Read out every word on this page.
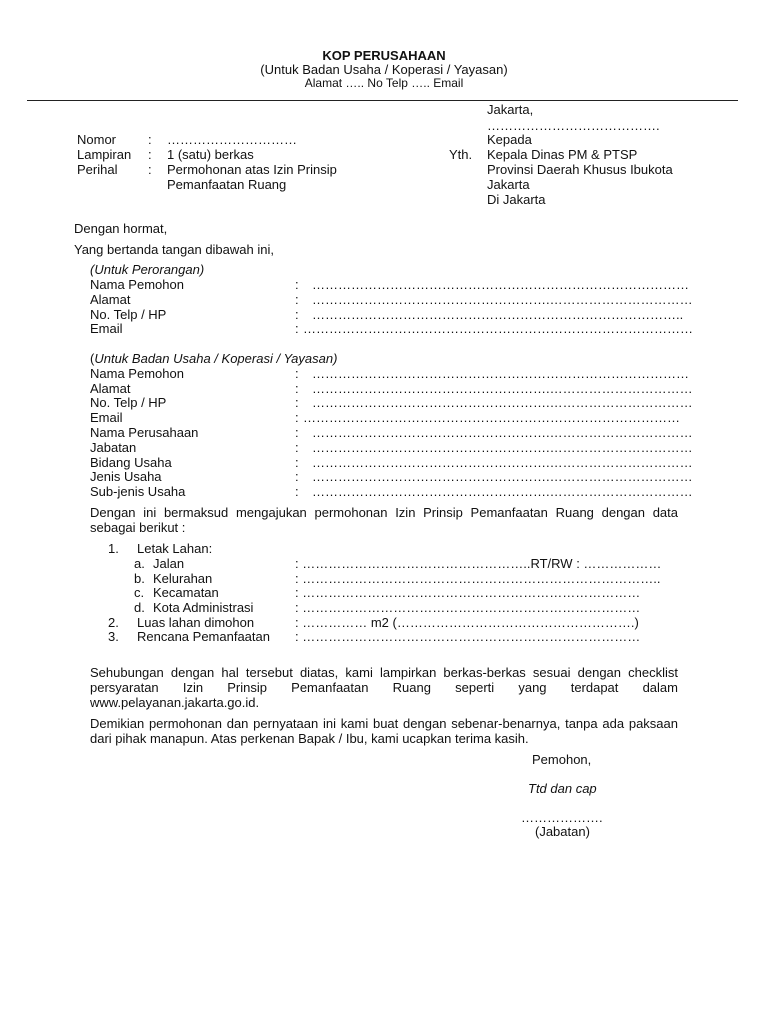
KOP PERUSAHAAN
(Untuk Badan Usaha / Koperasi / Yayasan)
Alamat ….. No Telp ….. Email
Jakarta,
………………………………….
Kepada
Yth. Kepala Dinas PM & PTSP
Provinsi Daerah Khusus Ibukota
Jakarta
Di Jakarta
Nomor : …………………………
Lampiran : 1 (satu) berkas
Perihal : Permohonan atas Izin Prinsip
Pemanfaatan Ruang
Dengan hormat,
Yang bertanda tangan dibawah ini,
(Untuk Perorangan)
Nama Pemohon	: ……………………………………………………………………………
Alamat	: ……………………………………………….……………………………
No. Telp / HP	: …………………………………………………………………………..
Email	: ………………………………………………………………………………
(Untuk Badan Usaha / Koperasi / Yayasan)
Nama Pemohon	: ……………………………………………………………………………
Alamat	: ……………………………………………….……………………………
No. Telp / HP	: ……………………………………………….……………………………
Email	: ……………………………………………………………………………
Nama Perusahaan	: ……………………………………………….……………………………
Jabatan	: ……………………………………………….……………………………
Bidang Usaha	: ……………………………………………….……………………………
Jenis Usaha	: ……………………………………………….……………………………
Sub-jenis Usaha	: ……………………………………………….……………………………
Dengan ini bermaksud mengajukan permohonan Izin Prinsip Pemanfaatan Ruang dengan data sebagai berikut :
1. Letak Lahan:
a. Jalan	: ……………………………………………..RT/RW : ………………
b. Kelurahan	: ………………………………………………………………………..
c. Kecamatan	: ……………………………………………………………………
d. Kota Administrasi	: ……………………………………………………………………
2. Luas lahan dimohon	: …………… m2 (……………………………………………….)
3. Rencana Pemanfaatan : ……………………………………………………………………
Sehubungan dengan hal tersebut diatas, kami lampirkan berkas-berkas sesuai dengan checklist persyaratan Izin Prinsip Pemanfaatan Ruang seperti yang terdapat dalam www.pelayanan.jakarta.go.id.
Demikian permohonan dan pernyataan ini kami buat dengan sebenar-benarnya, tanpa ada paksaan dari pihak manapun. Atas perkenan Bapak / Ibu, kami ucapkan terima kasih.
Pemohon,
Ttd dan cap
……………….
(Jabatan)
